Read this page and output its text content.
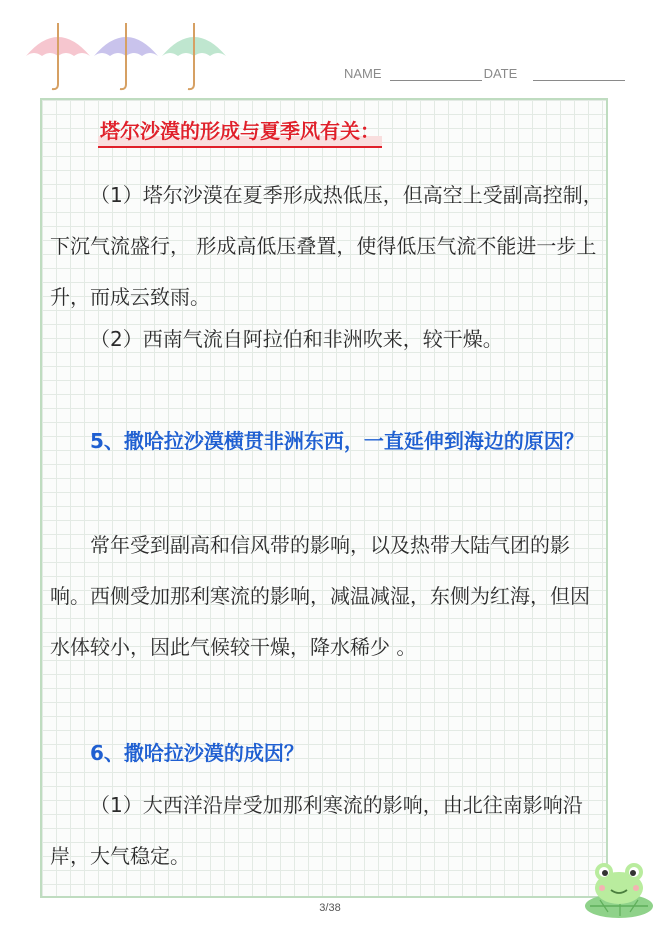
NAME	DATE
塔尔沙漠的形成与夏季风有关：

（1）塔尔沙漠在夏季形成热低压，但高空上受副高控制，下沉气流盛行， 形成高低压叠置，使得低压气流不能进一步上升，而成云致雨。

（2）西南气流自阿拉伯和非洲吹来，较干燥。

5、撒哈拉沙漠横贯非洲东西，一直延伸到海边的原因？

常年受到副高和信风带的影响，以及热带大陆气团的影响。西侧受加那利寒流的影响，减温减湿，东侧为红海，但因水体较小，因此气候较干燥，降水稀少 。

6、撒哈拉沙漠的成因？

（1）大西洋沿岸受加那利寒流的影响，由北往南影响沿岸，大气稳定。

3/38
